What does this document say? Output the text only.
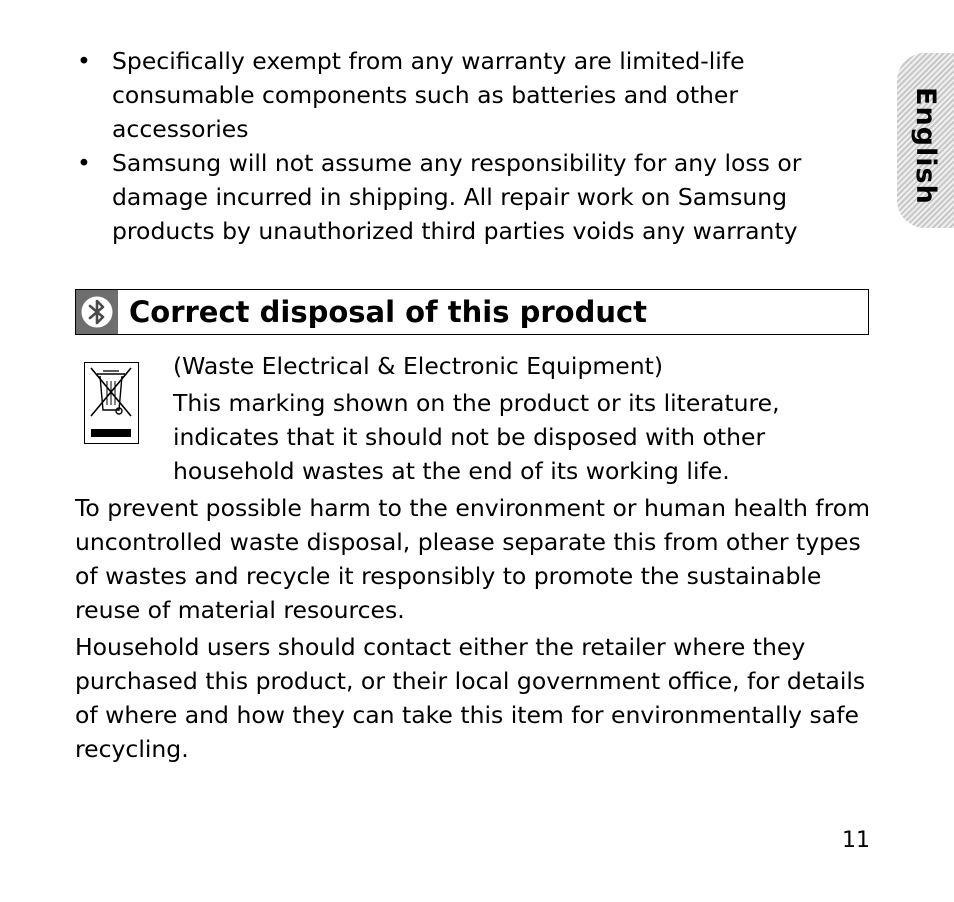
• Specifically exempt from any warranty are limited-life consumable components such as batteries and other accessories
• Samsung will not assume any responsibility for any loss or damage incurred in shipping. All repair work on Samsung products by unauthorized third parties voids any warranty
Correct disposal of this product

(Waste Electrical & Electronic Equipment)

This marking shown on the product or its literature, indicates that it should not be disposed with other household wastes at the end of its working life.

To prevent possible harm to the environment or human health from uncontrolled waste disposal, please separate this from other types of wastes and recycle it responsibly to promote the sustainable reuse of material resources.

Household users should contact either the retailer where they purchased this product, or their local government office, for details of where and how they can take this item for environmentally safe recycling.

English
11
